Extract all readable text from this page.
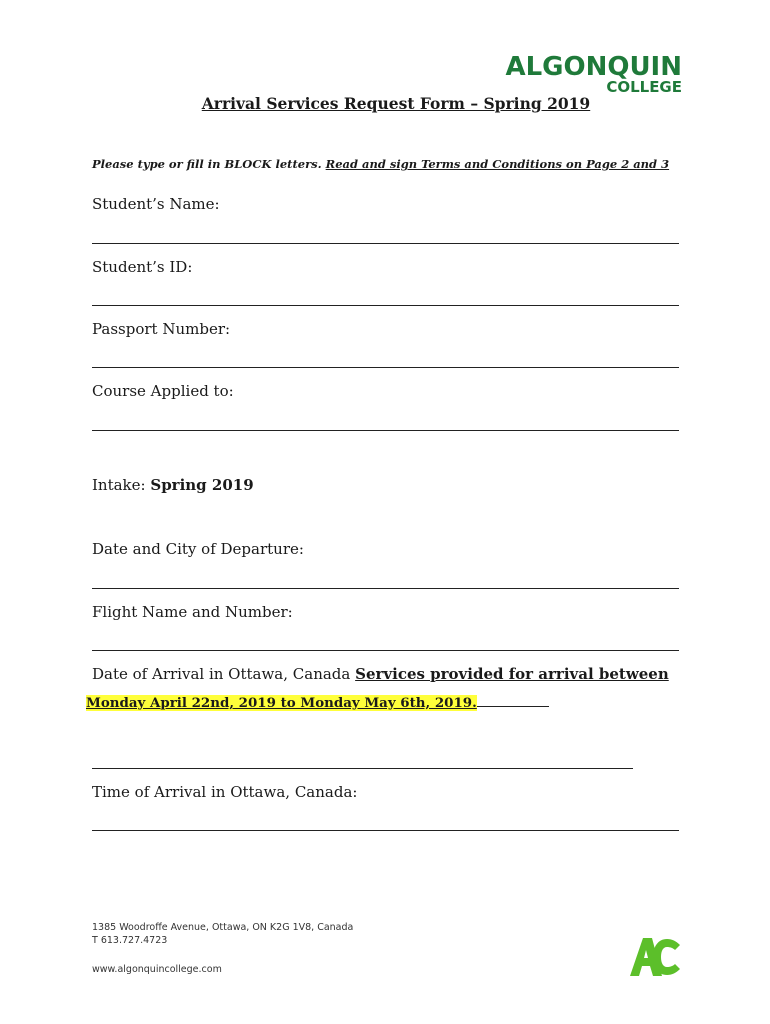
ALGONQUIN
COLLEGE
Arrival Services Request Form – Spring 2019
Please type or fill in BLOCK letters. Read and sign Terms and Conditions on Page 2 and 3
Student’s Name:
Student’s ID:
Passport Number:
Course Applied to:
Intake: Spring 2019
Date and City of Departure:
Flight Name and Number:
Date of Arrival in Ottawa, Canada Services provided for arrival between
Monday April 22nd, 2019 to Monday May 6th, 2019.
Time of Arrival in Ottawa, Canada:
1385 Woodroffe Avenue, Ottawa, ON K2G 1V8, Canada
T 613.727.4723
www.algonquincollege.com
